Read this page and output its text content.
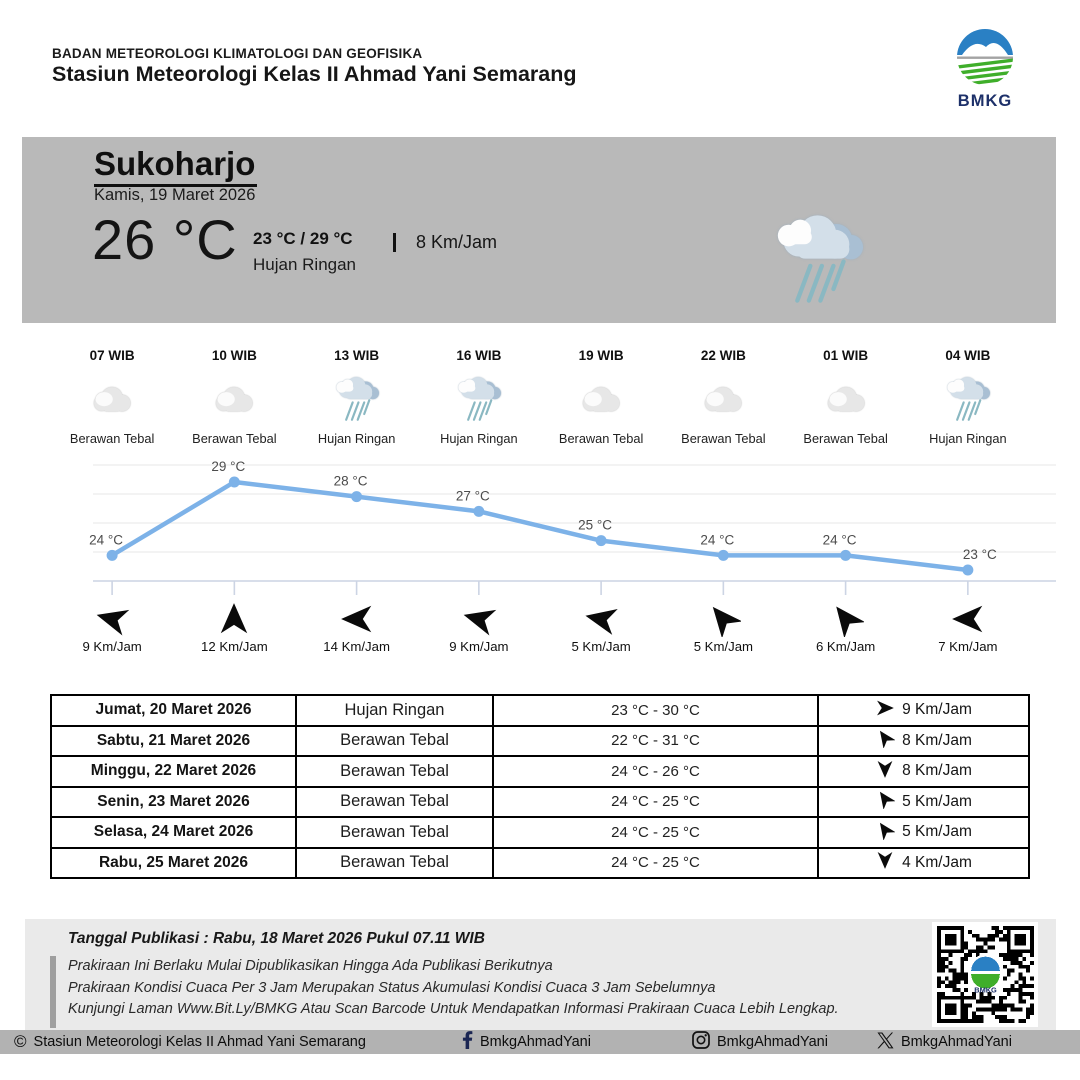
BADAN METEOROLOGI KLIMATOLOGI DAN GEOFISIKA
Stasiun Meteorologi Kelas II Ahmad Yani Semarang
BMKG
Sukoharjo
Kamis, 19 Maret 2026
26 °C 23 °C / 29 °C
Hujan Ringan
8 Km/Jam
07 WIB
Berawan Tebal
10 WIB
Berawan Tebal
13 WIB
Hujan Ringan
16 WIB
Hujan Ringan
19 WIB
Berawan Tebal
22 WIB
Berawan Tebal
01 WIB
Berawan Tebal
04 WIB
Hujan Ringan
24 °C
29 °C
28 °C
27 °C
25 °C
24 °C	24 °C
23 °C
9 Km/Jam	12 Km/Jam	14 Km/Jam	9 Km/Jam	5 Km/Jam	5 Km/Jam	6 Km/Jam	7 Km/Jam
Jumat, 20 Maret 2026	Hujan Ringan	23 °C - 30 °C	9 Km/Jam

Sabtu, 21 Maret 2026	Berawan Tebal	22 °C - 31 °C	8 Km/Jam

Minggu, 22 Maret 2026	Berawan Tebal	24 °C - 26 °C	8 Km/Jam

Senin, 23 Maret 2026	Berawan Tebal	24 °C - 25 °C	5 Km/Jam

Selasa, 24 Maret 2026	Berawan Tebal	24 °C - 25 °C	5 Km/Jam

Rabu, 25 Maret 2026	Berawan Tebal	24 °C - 25 °C	4 Km/Jam
Tanggal Publikasi : Rabu, 18 Maret 2026 Pukul 07.11 WIB
Prakiraan Ini Berlaku Mulai Dipublikasikan Hingga Ada Publikasi Berikutnya
Prakiraan Kondisi Cuaca Per 3 Jam Merupakan Status Akumulasi Kondisi Cuaca 3 Jam Sebelumnya
Kunjungi Laman Www.Bit.Ly/BMKG Atau Scan Barcode Untuk Mendapatkan Informasi Prakiraan Cuaca Lebih Lengkap.
BMKG
© Stasiun Meteorologi Kelas II Ahmad Yani Semarang	BmkgAhmadYani	BmkgAhmadYani	BmkgAhmadYani
